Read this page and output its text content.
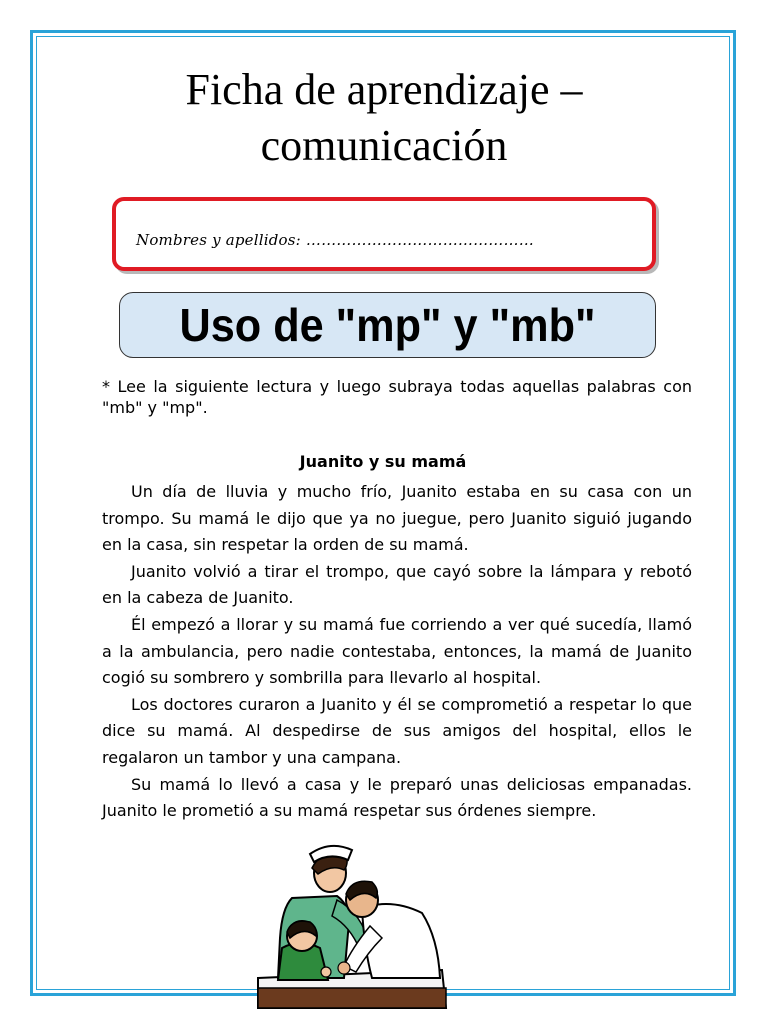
Ficha de aprendizaje –
comunicación
Nombres y apellidos: ………………………………………
Uso de "mp" y "mb"
* Lee la siguiente lectura y luego subraya todas aquellas palabras con "mb" y "mp".
Juanito y su mamá

Un día de lluvia y mucho frío, Juanito estaba en su casa con un trompo. Su mamá le dijo que ya no juegue, pero Juanito siguió jugando en la casa, sin respetar la orden de su mamá.

Juanito volvió a tirar el trompo, que cayó sobre la lámpara y rebotó en la cabeza de Juanito.

Él empezó a llorar y su mamá fue corriendo a ver qué sucedía, llamó a la ambulancia, pero nadie contestaba, entonces, la mamá de Juanito cogió su sombrero y sombrilla para llevarlo al hospital.

Los doctores curaron a Juanito y él se comprometió a respetar lo que dice su mamá. Al despedirse de sus amigos del hospital, ellos le regalaron un tambor y una campana.

Su mamá lo llevó a casa y le preparó unas deliciosas empanadas. Juanito le prometió a su mamá respetar sus órdenes siempre.
